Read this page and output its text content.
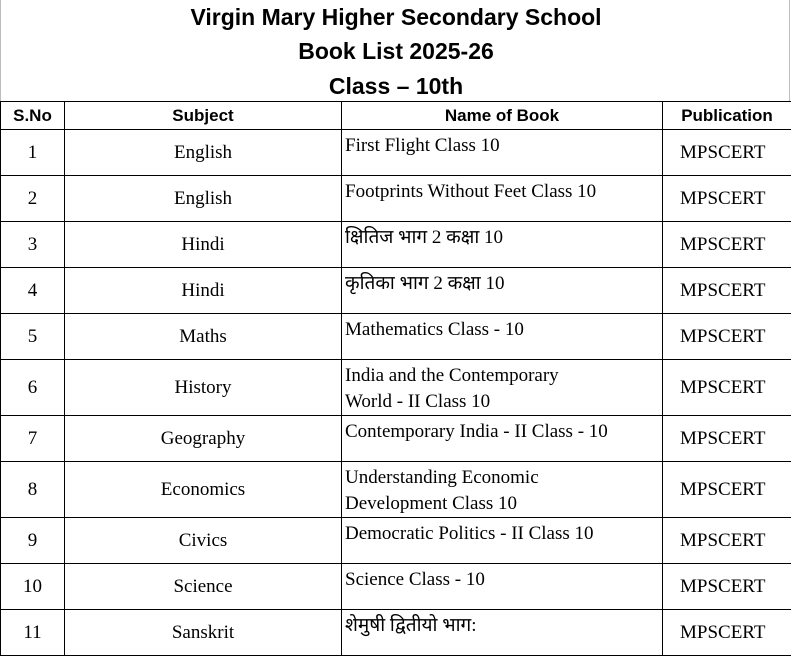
Virgin Mary Higher Secondary School
Book List 2025-26
Class – 10th
S.No	Subject	Name of Book	Publication
1	English	First Flight Class 10	MPSCERT
2	English	Footprints Without Feet Class 10	MPSCERT
3	Hindi	क्षितिज भाग 2 कक्षा 10	MPSCERT
4	Hindi	कृतिका भाग 2 कक्षा 10	MPSCERT
5	Maths	Mathematics Class - 10	MPSCERT
6	History	India and the Contemporary
World - II Class 10	MPSCERT
7	Geography	Contemporary India - II Class - 10	MPSCERT
8	Economics	Understanding Economic
Development Class 10	MPSCERT
9	Civics	Democratic Politics - II Class 10	MPSCERT
10	Science	Science Class - 10	MPSCERT
11	Sanskrit	शेमुषी द्वितीयो भाग:	MPSCERT
